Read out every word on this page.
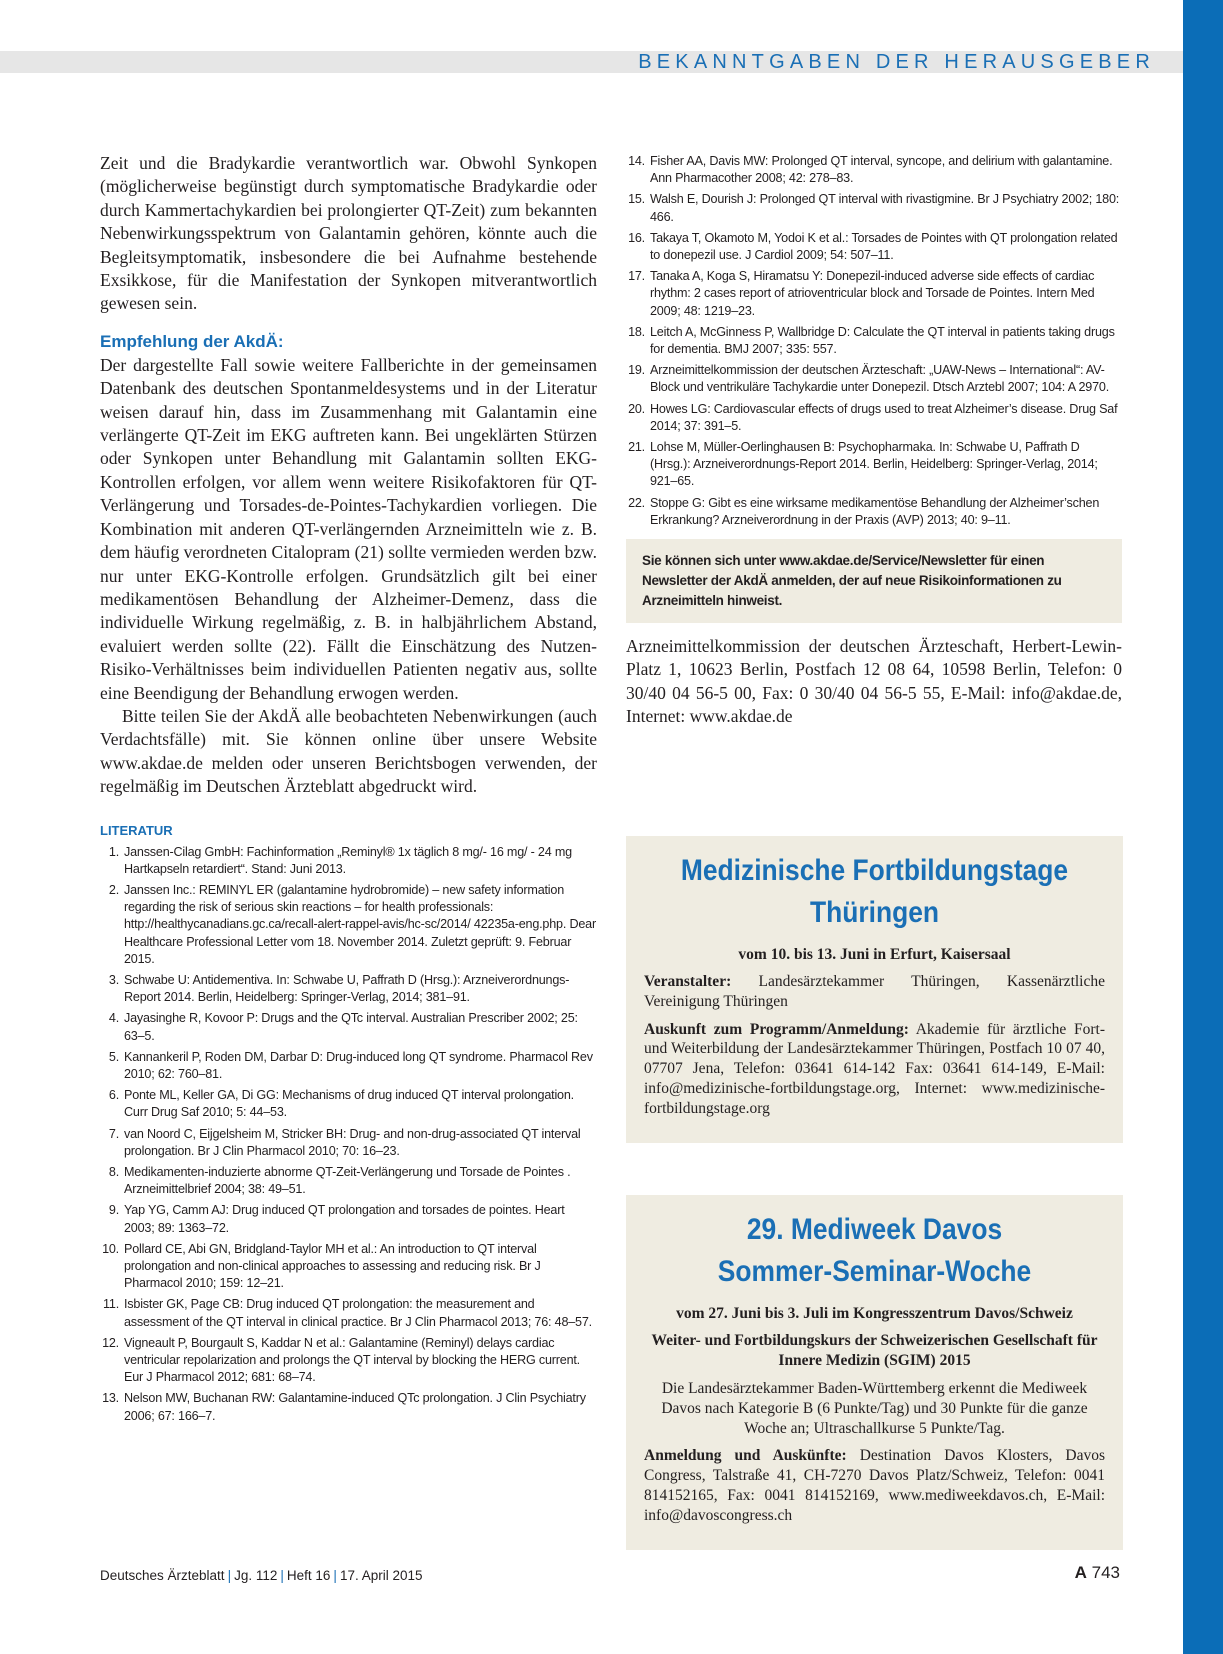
BEKANNTGABEN DER HERAUSGEBER

Zeit und die Bradykardie verantwortlich war. Obwohl Synkopen (möglicherweise begünstigt durch symptomatische Bradykardie oder durch Kammertachykardien bei prolongierter QT-Zeit) zum bekannten Nebenwirkungsspektrum von Galantamin gehören, könnte auch die Begleitsymptomatik, insbesondere die bei Aufnahme bestehende Exsikkose, für die Manifestation der Synkopen mitverantwortlich gewesen sein.

Empfehlung der AkdÄ:

Der dargestellte Fall sowie weitere Fallberichte in der gemeinsamen Datenbank des deutschen Spontanmeldesystems und in der Literatur weisen darauf hin, dass im Zusammenhang mit Galantamin eine verlängerte QT-Zeit im EKG auftreten kann. Bei ungeklärten Stürzen oder Synkopen unter Behandlung mit Galantamin sollten EKG-Kontrollen erfolgen, vor allem wenn weitere Risikofaktoren für QT-Verlängerung und Torsades-de-Pointes-Tachykardien vorliegen. Die Kombination mit anderen QT-verlängernden Arzneimitteln wie z. B. dem häufig verordneten Citalopram (21) sollte vermieden werden bzw. nur unter EKG-Kontrolle erfolgen. Grundsätzlich gilt bei einer medikamentösen Behandlung der Alzheimer-Demenz, dass die individuelle Wirkung regelmäßig, z. B. in halbjährlichem Abstand, evaluiert werden sollte (22). Fällt die Einschätzung des Nutzen-Risiko-Verhältnisses beim individuellen Patienten negativ aus, sollte eine Beendigung der Behandlung erwogen werden.

Bitte teilen Sie der AkdÄ alle beobachteten Nebenwirkungen (auch Verdachtsfälle) mit. Sie können online über unsere Website www.akdae.de melden oder unseren Berichtsbogen verwenden, der regelmäßig im Deutschen Ärzteblatt abgedruckt wird.

LITERATUR
1. Janssen-Cilag GmbH: Fachinformation „Reminyl® 1x täglich 8 mg/- 16 mg/ - 24 mg Hartkapseln retardiert“. Stand: Juni 2013.
2. Janssen Inc.: REMINYL ER (galantamine hydrobromide) – new safety information regarding the risk of serious skin reactions – for health professionals: http://healthycanadians.gc.ca/recall-alert-rappel-avis/hc-sc/2014/ 42235a-eng.php. Dear Healthcare Professional Letter vom 18. November 2014. Zuletzt geprüft: 9. Februar 2015.
3. Schwabe U: Antidementiva. In: Schwabe U, Paffrath D (Hrsg.): Arzneiverordnungs-Report 2014. Berlin, Heidelberg: Springer-Verlag, 2014; 381–91.
4. Jayasinghe R, Kovoor P: Drugs and the QTc interval. Australian Prescriber 2002; 25: 63–5.
5. Kannankeril P, Roden DM, Darbar D: Drug-induced long QT syndrome. Pharmacol Rev 2010; 62: 760–81.
6. Ponte ML, Keller GA, Di GG: Mechanisms of drug induced QT interval prolongation. Curr Drug Saf 2010; 5: 44–53.
7. van Noord C, Eijgelsheim M, Stricker BH: Drug- and non-drug-associated QT interval prolongation. Br J Clin Pharmacol 2010; 70: 16–23.
8. Medikamenten-induzierte abnorme QT-Zeit-Verlängerung und Torsade de Pointes . Arzneimittelbrief 2004; 38: 49–51.
9. Yap YG, Camm AJ: Drug induced QT prolongation and torsades de pointes. Heart 2003; 89: 1363–72.
10. Pollard CE, Abi GN, Bridgland-Taylor MH et al.: An introduction to QT interval prolongation and non-clinical approaches to assessing and reducing risk. Br J Pharmacol 2010; 159: 12–21.
11. Isbister GK, Page CB: Drug induced QT prolongation: the measurement and assessment of the QT interval in clinical practice. Br J Clin Pharmacol 2013; 76: 48–57.
12. Vigneault P, Bourgault S, Kaddar N et al.: Galantamine (Reminyl) delays cardiac ventricular repolarization and prolongs the QT interval by blocking the HERG current. Eur J Pharmacol 2012; 681: 68–74.
13. Nelson MW, Buchanan RW: Galantamine-induced QTc prolongation. J Clin Psychiatry 2006; 67: 166–7.
14. Fisher AA, Davis MW: Prolonged QT interval, syncope, and delirium with galantamine. Ann Pharmacother 2008; 42: 278–83.
15. Walsh E, Dourish J: Prolonged QT interval with rivastigmine. Br J Psychiatry 2002; 180: 466.
16. Takaya T, Okamoto M, Yodoi K et al.: Torsades de Pointes with QT prolongation related to donepezil use. J Cardiol 2009; 54: 507–11.
17. Tanaka A, Koga S, Hiramatsu Y: Donepezil-induced adverse side effects of cardiac rhythm: 2 cases report of atrioventricular block and Torsade de Pointes. Intern Med 2009; 48: 1219–23.
18. Leitch A, McGinness P, Wallbridge D: Calculate the QT interval in patients taking drugs for dementia. BMJ 2007; 335: 557.
19. Arzneimittelkommission der deutschen Ärzteschaft: „UAW-News – International“: AV-Block und ventrikuläre Tachykardie unter Donepezil. Dtsch Arztebl 2007; 104: A 2970.
20. Howes LG: Cardiovascular effects of drugs used to treat Alzheimer’s disease. Drug Saf 2014; 37: 391–5.
21. Lohse M, Müller-Oerlinghausen B: Psychopharmaka. In: Schwabe U, Paffrath D (Hrsg.): Arzneiverordnungs-Report 2014. Berlin, Heidelberg: Springer-Verlag, 2014; 921–65.
22. Stoppe G: Gibt es eine wirksame medikamentöse Behandlung der Alzheimer’schen Erkrankung? Arzneiverordnung in der Praxis (AVP) 2013; 40: 9–11.
Sie können sich unter www.akdae.de/Service/Newsletter für einen Newsletter der AkdÄ anmelden, der auf neue Risikoinformationen zu Arzneimitteln hinweist.

Arzneimittelkommission der deutschen Ärzteschaft, Herbert-Lewin-Platz 1, 10623 Berlin, Postfach 12 08 64, 10598 Berlin, Telefon: 0 30/40 04 56-5 00, Fax: 0 30/40 04 56-5 55, E-Mail: info@akdae.de, Internet: www.akdae.de

Medizinische Fortbildungstage
Thüringen
vom 10. bis 13. Juni in Erfurt, Kaisersaal

Veranstalter: Landesärztekammer Thüringen, Kassenärztliche Vereinigung Thüringen

Auskunft zum Programm/Anmeldung: Akademie für ärztliche Fort- und Weiterbildung der Landesärztekammer Thüringen, Postfach 10 07 40, 07707 Jena, Telefon: 03641 614-142 Fax: 03641 614-149, E-Mail: info@medizinische-fortbildungstage.org, Internet: www.medizinische-fortbildungstage.org

29. Mediweek Davos
Sommer-Seminar-Woche
vom 27. Juni bis 3. Juli im Kongresszentrum Davos/Schweiz
Weiter- und Fortbildungskurs der Schweizerischen Gesellschaft für Innere Medizin (SGIM) 2015

Die Landesärztekammer Baden-Württemberg erkennt die Mediweek Davos nach Kategorie B (6 Punkte/Tag) und 30 Punkte für die ganze Woche an; Ultraschallkurse 5 Punkte/Tag.

Anmeldung und Auskünfte: Destination Davos Klosters, Davos Congress, Talstraße 41, CH-7270 Davos Platz/Schweiz, Telefon: 0041 814152165, Fax: 0041 814152169, www.mediweekdavos.ch, E-Mail: info@davoscongress.ch

Deutsches Ärzteblatt | Jg. 112 | Heft 16 | 17. April 2015	A 743
